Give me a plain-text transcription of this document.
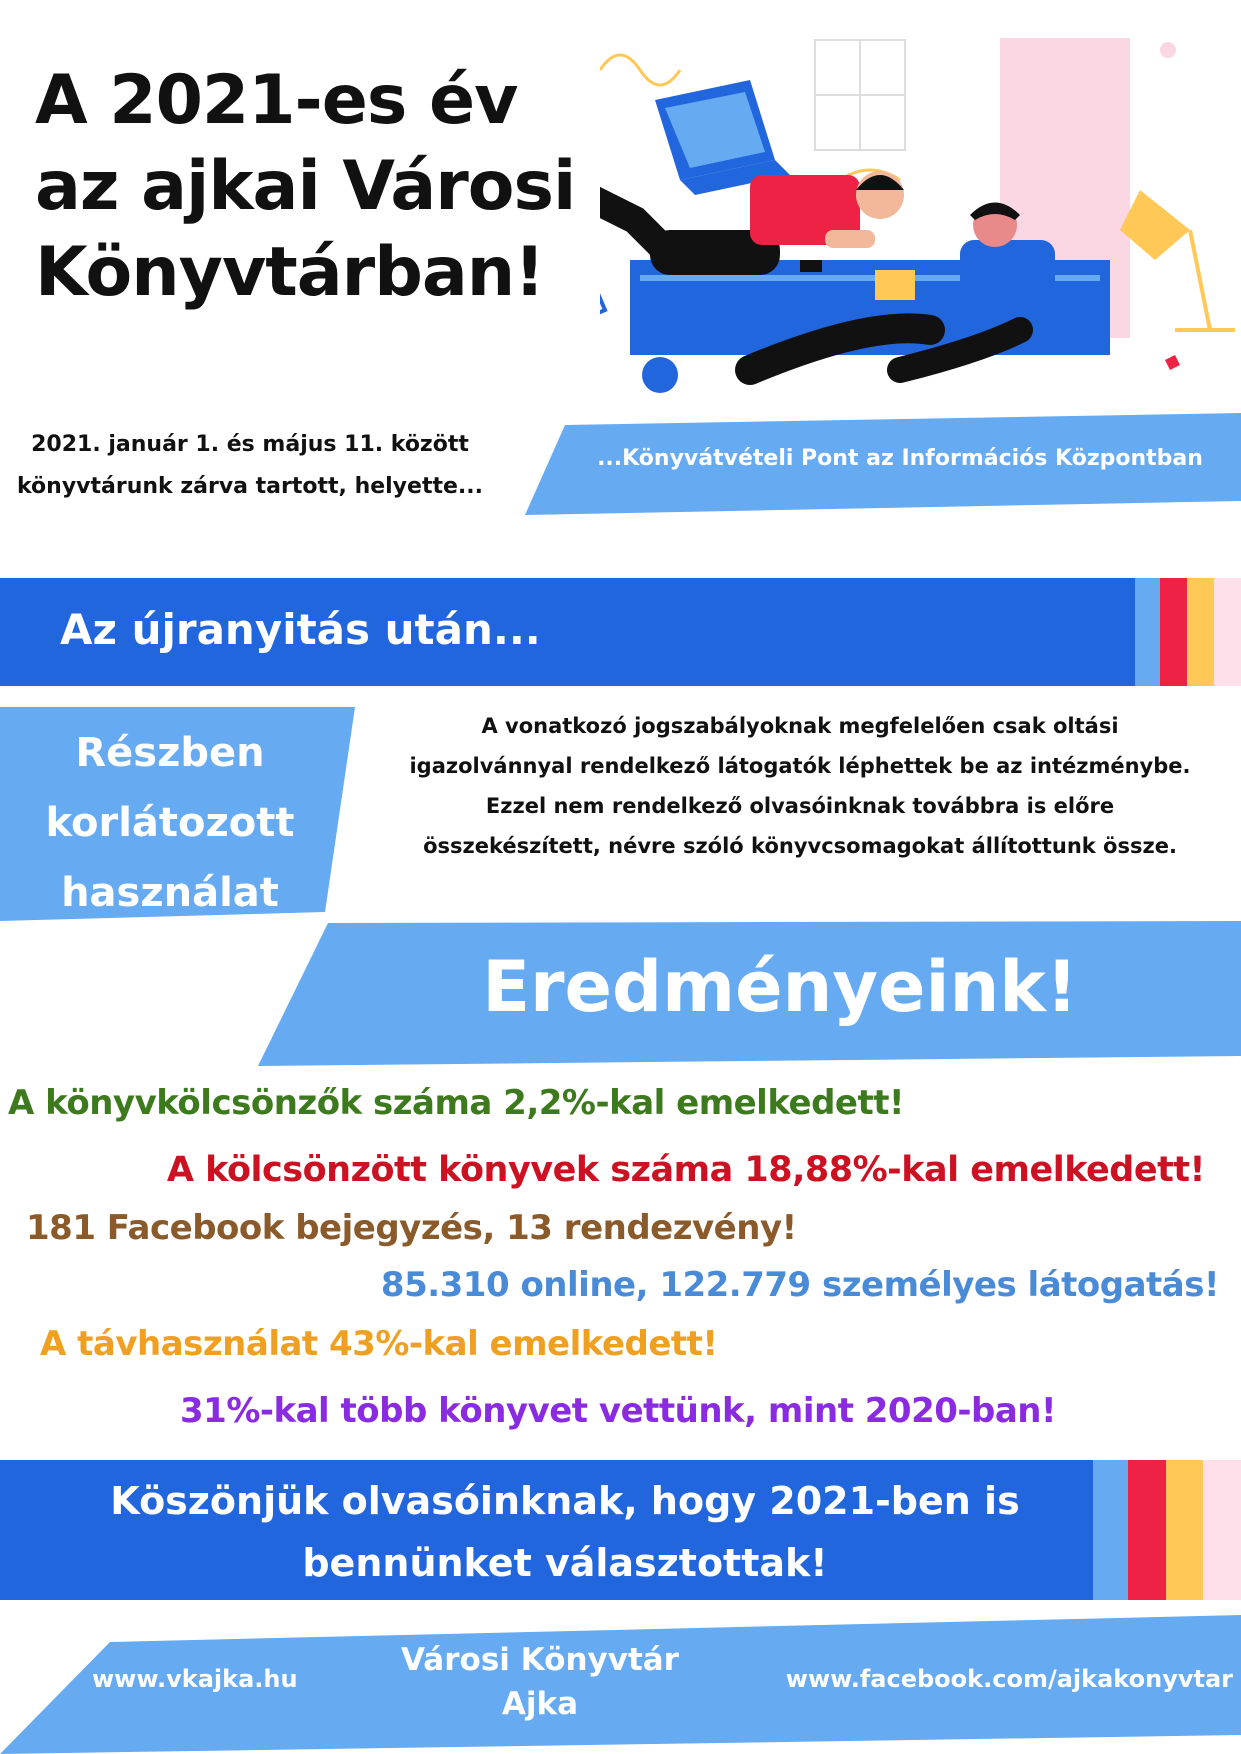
A 2021-es év
az ajkai Városi
Könyvtárban!
2021. január 1. és május 11. között
könyvtárunk zárva tartott, helyette...
...Könyvátvételi Pont az Információs Központban
Az újranyitás után...
Részben
korlátozott
használat
A vonatkozó jogszabályoknak megfelelően csak oltási
igazolvánnyal rendelkező látogatók léphettek be az intézménybe.
Ezzel nem rendelkező olvasóinknak továbbra is előre
összekészített, névre szóló könyvcsomagokat állítottunk össze.
Eredményeink!
A könyvkölcsönzők száma 2,2%-kal emelkedett!
A kölcsönzött könyvek száma 18,88%-kal emelkedett!
181 Facebook bejegyzés, 13 rendezvény!
85.310 online, 122.779 személyes látogatás!
A távhasználat 43%-kal emelkedett!
31%-kal több könyvet vettünk, mint 2020-ban!
Köszönjük olvasóinknak, hogy 2021-ben is
bennünket választottak!
www.vkajka.hu
Városi Könyvtár
Ajka
www.facebook.com/ajkakonyvtar
